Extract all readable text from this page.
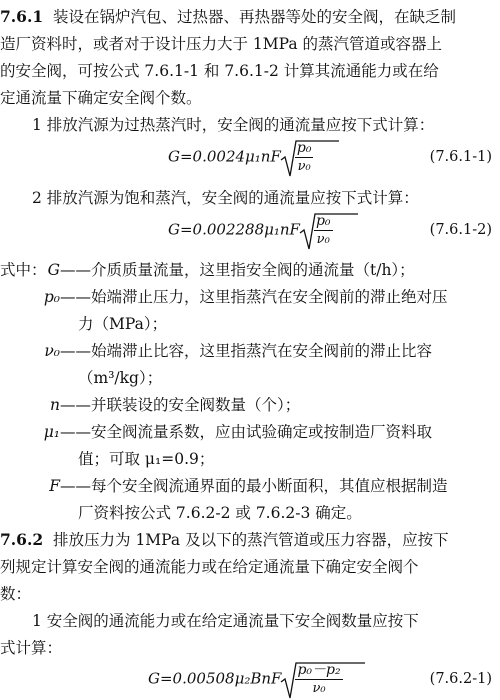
7.6.1 装设在锅炉汽包、过热器、再热器等处的安全阀，在缺乏制
造厂资料时，或者对于设计压力大于 1MPa 的蒸汽管道或容器上
的安全阀，可按公式 7.6.1-1 和 7.6.1-2 计算其流通能力或在给
定通流量下确定安全阀个数。
1 排放汽源为过热蒸汽时，安全阀的通流量应按下式计算：
$G=0.0024\mu_1nF \frac{\text{p₀}}{\text{ν₀}}$	(7.6.1-1)
2 排放汽源为饱和蒸汽，安全阀的通流量应按下式计算：
$G=0.002288\mu_1nF \frac{\text{p₀}}{\text{ν₀}}$	(7.6.1-2)
式中： G——介质质量流量，这里指安全阀的通流量（t/h）；
p₀——始端滞止压力，这里指蒸汽在安全阀前的滞止绝对压
力（MPa）；
ν₀——始端滞止比容，这里指蒸汽在安全阀前的滞止比容
（m³/kg）；
n——并联装设的安全阀数量（个）；
μ₁——安全阀流量系数，应由试验确定或按制造厂资料取
值；可取 μ₁=0.9；
F——每个安全阀流通界面的最小断面积，其值应根据制造
厂资料按公式 7.6.2-2 或 7.6.2-3 确定。
7.6.2 排放压力为 1MPa 及以下的蒸汽管道或压力容器，应按下
列规定计算安全阀的通流能力或在给定通流量下确定安全阀个
数：
1 安全阀的通流能力或在给定通流量下安全阀数量应按下
式计算：
$G=0.00508\mu_2BnF \frac{\text{p₀－p₂}}{\text{ν₀}}$	(7.6.2-1)
